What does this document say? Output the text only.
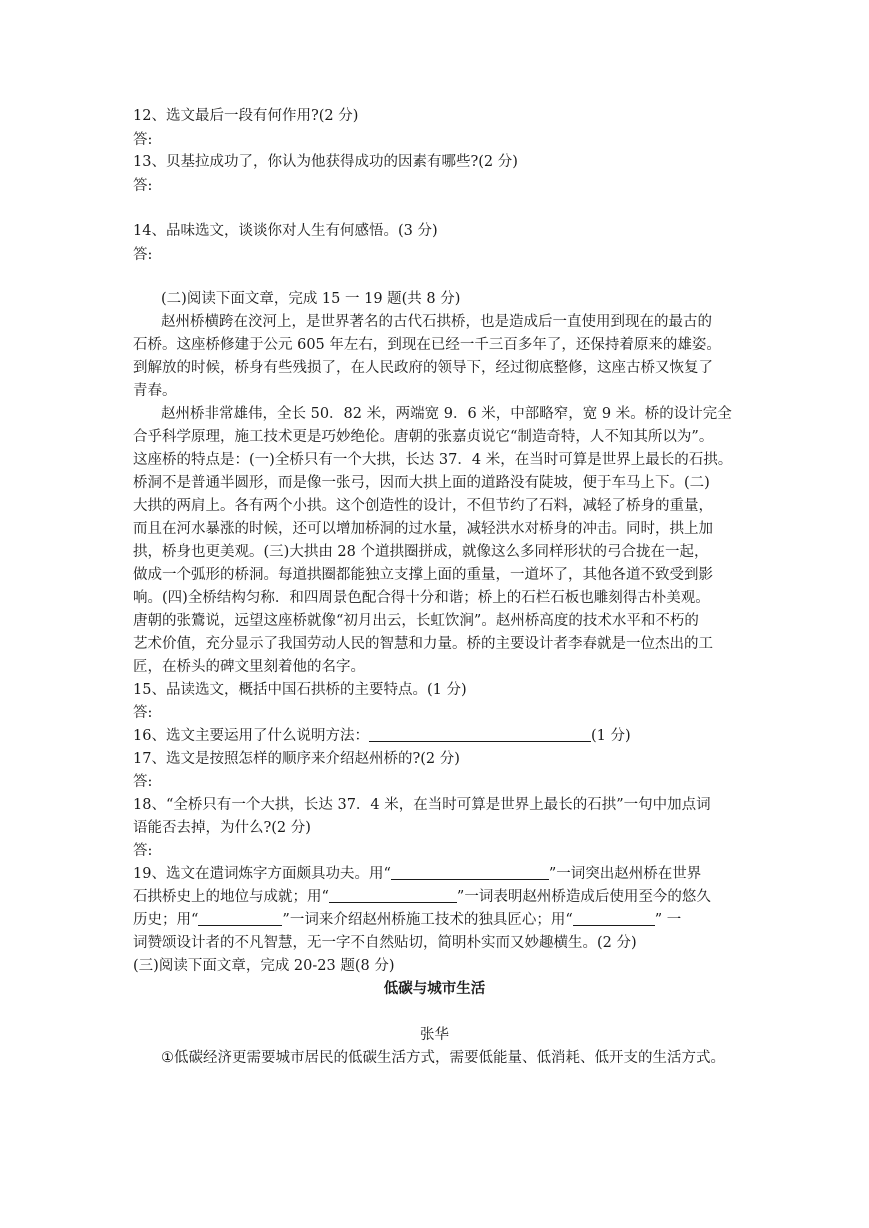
12、选文最后一段有何作用?(2 分)
答:
13、贝基拉成功了，你认为他获得成功的因素有哪些?(2 分)
答:
14、品味选文，谈谈你对人生有何感悟。(3 分)
答:
(二)阅读下面文章，完成 15 一 19 题(共 8 分)
赵州桥横跨在洨河上，是世界著名的古代石拱桥，也是造成后一直使用到现在的最古的
石桥。这座桥修建于公元 605 年左右，到现在已经一千三百多年了，还保持着原来的雄姿。
到解放的时候，桥身有些残损了，在人民政府的领导下，经过彻底整修，这座古桥又恢复了
青春。
赵州桥非常雄伟，全长 50．82 米，两端宽 9．6 米，中部略窄，宽 9 米。桥的设计完全
合乎科学原理，施工技术更是巧妙绝伦。唐朝的张嘉贞说它“制造奇特，人不知其所以为”。
这座桥的特点是：(一)全桥只有一个大拱，长达 37．4 米，在当时可算是世界上最长的石拱。
桥洞不是普通半圆形，而是像一张弓，因而大拱上面的道路没有陡坡，便于车马上下。(二)
大拱的两肩上。各有两个小拱。这个创造性的设计，不但节约了石料，减轻了桥身的重量，
而且在河水暴涨的时候，还可以增加桥洞的过水量，减轻洪水对桥身的冲击。同时，拱上加
拱，桥身也更美观。(三)大拱由 28 个道拱圈拼成，就像这么多同样形状的弓合拢在一起，
做成一个弧形的桥洞。每道拱圈都能独立支撑上面的重量，一道坏了，其他各道不致受到影
响。(四)全桥结构匀称．和四周景色配合得十分和谐；桥上的石栏石板也雕刻得古朴美观。
唐朝的张鷟说，远望这座桥就像“初月出云，长虹饮涧”。赵州桥高度的技术水平和不朽的
艺术价值，充分显示了我国劳动人民的智慧和力量。桥的主要设计者李春就是一位杰出的工
匠，在桥头的碑文里刻着他的名字。
15、品读选文，概括中国石拱桥的主要特点。(1 分)
答:
16、选文主要运用了什么说明方法：	(1 分)
17、选文是按照怎样的顺序来介绍赵州桥的?(2 分)
答:
18、“全桥只有一个大拱，长达 37．4 米，在当时可算是世界上最长的石拱”一句中加点词
语能否去掉，为什么?(2 分)
答:
19、选文在遣词炼字方面颇具功夫。用“	”一词突出赵州桥在世界
石拱桥史上的地位与成就；用“	”一词表明赵州桥造成后使用至今的悠久
历史；用“	”一词来介绍赵州桥施工技术的独具匠心；用“	” 一
词赞颂设计者的不凡智慧，无一字不自然贴切，简明朴实而又妙趣横生。(2 分)
(三)阅读下面文章，完成 20-23 题(8 分)
低碳与城市生活
张华
①低碳经济更需要城市居民的低碳生活方式，需要低能量、低消耗、低开支的生活方式。
